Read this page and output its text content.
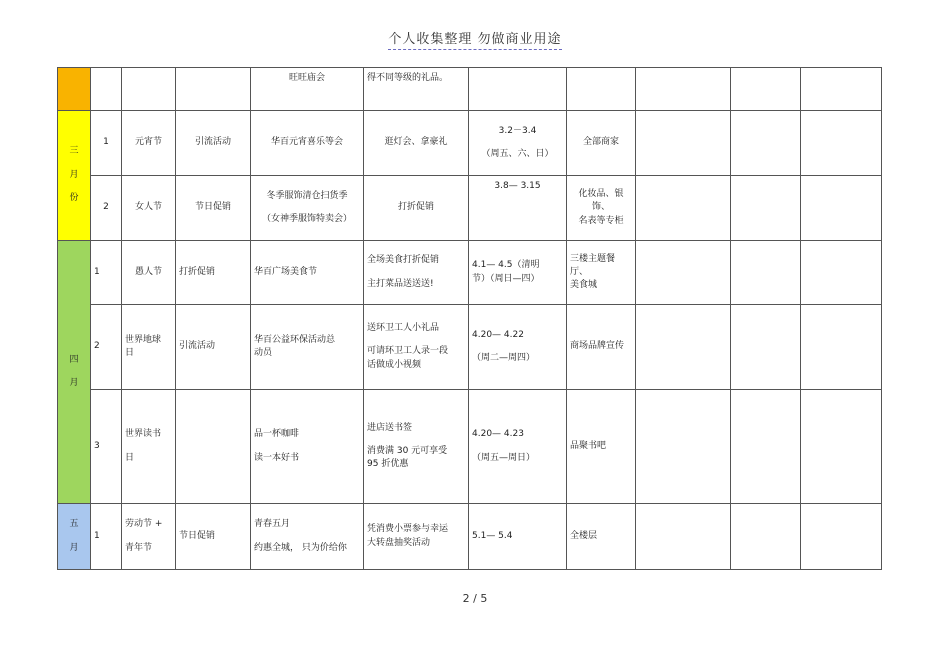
个人收集整理 勿做商业用途
				旺旺庙会	得不同等级的礼品。					

三
月
份	1	元宵节	引流活动	华百元宵喜乐等会	逛灯会、拿豪礼	3.2－3.4
（周五、六、日）	全部商家			
	2	女人节	节日促销	冬季服饰清仓扫货季
（女神季服饰特卖会）	打折促销	3.8— 3.15	化妆品、银饰、
名表等专柜			

四
月	1	愚人节	打折促销	华百广场美食节	全场美食打折促销
主打菜品送送送!	4.1— 4.5（清明
节）（周日—四）	三楼主题餐厅、
美食城			

	2	世界地球
日	引流活动	华百公益环保活动总
动员	送环卫工人小礼品
可请环卫工人录一段
话做成小视频	4.20— 4.22
（周二—周四）	商场品牌宣传			
	3	世界读书
日		品一杯咖啡
读一本好书	进店送书签
消费满 30 元可享受
95 折优惠	4.20— 4.23
（周五—周日）	品聚书吧			

五
月	1	劳动节 +
青年节	节日促销	青春五月
约惠全城， 只为价给你	凭消费小票参与幸运
大转盘抽奖活动	5.1— 5.4	全楼层			
2 / 5
